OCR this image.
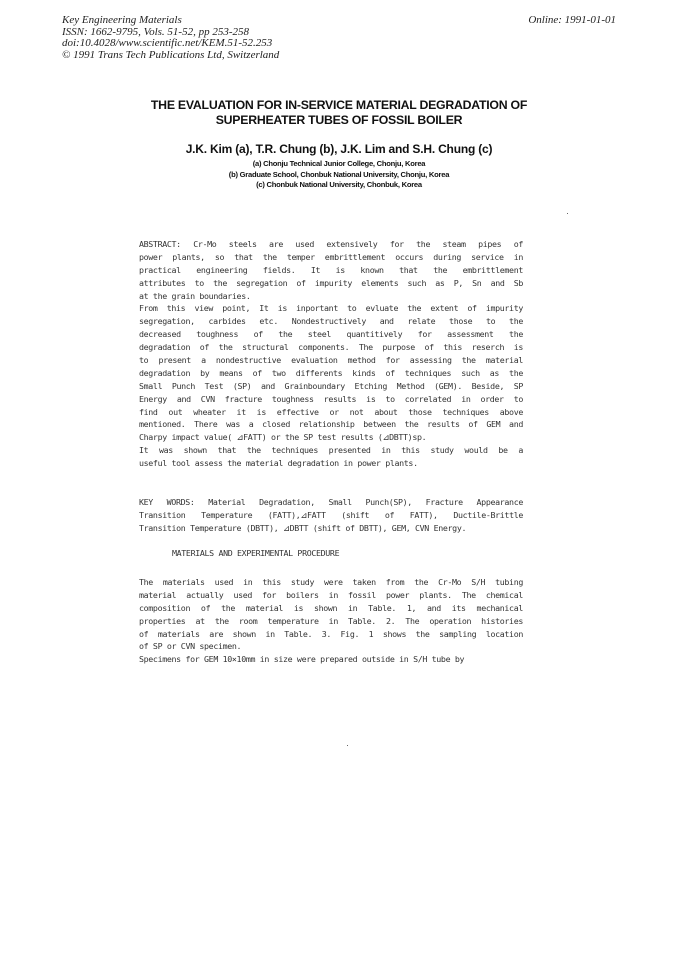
Key Engineering Materials
ISSN: 1662-9795, Vols. 51-52, pp 253-258
doi:10.4028/www.scientific.net/KEM.51-52.253
© 1991 Trans Tech Publications Ltd, Switzerland
Online: 1991-01-01
THE EVALUATION FOR IN-SERVICE MATERIAL DEGRADATION OF
SUPERHEATER TUBES OF FOSSIL BOILER
J.K. Kim (a), T.R. Chung (b), J.K. Lim and S.H. Chung (c)
(a) Chonju Technical Junior College, Chonju, Korea
(b) Graduate School, Chonbuk National University, Chonju, Korea
(c) Chonbuk National University, Chonbuk, Korea
ABSTRACT: Cr-Mo steels are used extensively for the steam pipes of
power plants, so that the temper embrittlement occurs during service in
practical engineering fields. It is known that the embrittlement
attributes to the segregation of impurity elements such as P, Sn and Sb
at the grain boundaries.
From this view point, It is inportant to evluate the extent of impurity
segregation, carbides etc. Nondestructively and relate those to the
decreased toughness of the steel quantitively for assessment the
degradation of the structural components. The purpose of this reserch is
to present a nondestructive evaluation method for assessing the material
degradation by means of two differents kinds of techniques such as the
Small Punch Test (SP) and Grainboundary Etching Method (GEM). Beside, SP
Energy and CVN fracture toughness results is to correlated in order to
find out wheater it is effective or not about those techniques above
mentioned. There was a closed relationship between the results of GEM and
Charpy impact value( ⊿FATT) or the SP test results (⊿DBTT)sp.
It was shown that the techniques presented in this study would be a
useful tool assess the material degradation in power plants.
KEY WORDS: Material Degradation, Small Punch(SP), Fracture Appearance
Transition Temperature (FATT),⊿FATT (shift of FATT), Ductile-Brittle
Transition Temperature (DBTT), ⊿DBTT (shift of DBTT), GEM, CVN Energy.
MATERIALS AND EXPERIMENTAL PROCEDURE
The materials used in this study were taken from the Cr-Mo S/H tubing
material actually used for boilers in fossil power plants. The chemical
composition of the material is shown in Table. 1, and its mechanical
properties at the room temperature in Table. 2. The operation histories
of materials are shown in Table. 3. Fig. 1 shows the sampling location
of SP or CVN specimen.
Specimens for GEM 10×10mm in size were prepared outside in S/H tube by
